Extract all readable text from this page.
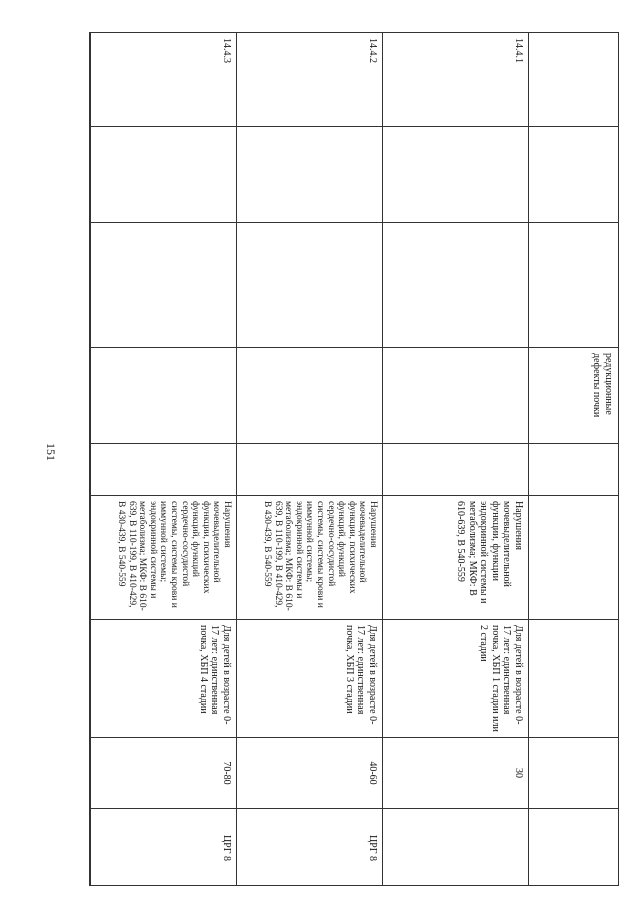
151
редукционные дефекты почки
14.4.1
Нарушения мочевыделительной функции, функции эндокринной системы и метаболизма; МКФ: В 610-639, В 540-559
Для детей в возрасте 0-17 лет: единственная почка, ХБП 1 стадии или 2 стадии
30
14.4.2
Нарушения мочевыделительной функции, психических функций, функций сердечно-сосудистой системы, системы крови и иммунной системы; эндокринной системы и метаболизма; МКФ: В 610-639, В 110-199, В 410-429, В 430-439, В 540-559
Для детей в возрасте 0-17 лет: единственная почка, ХБП 3 стадии
40-60
ЦРГ 8
14.4.3
Нарушения мочевыделительной функции, психических функций, функций сердечно-сосудистой системы, системы крови и иммунной системы; эндокринной системы и метаболизма; МКФ: В 610-639, В 110-199, В 410-429, В 430-439, В 540-559
Для детей в возрасте 0-17 лет: единственная почка, ХБП 4 стадии
70-80
ЦРГ 8
